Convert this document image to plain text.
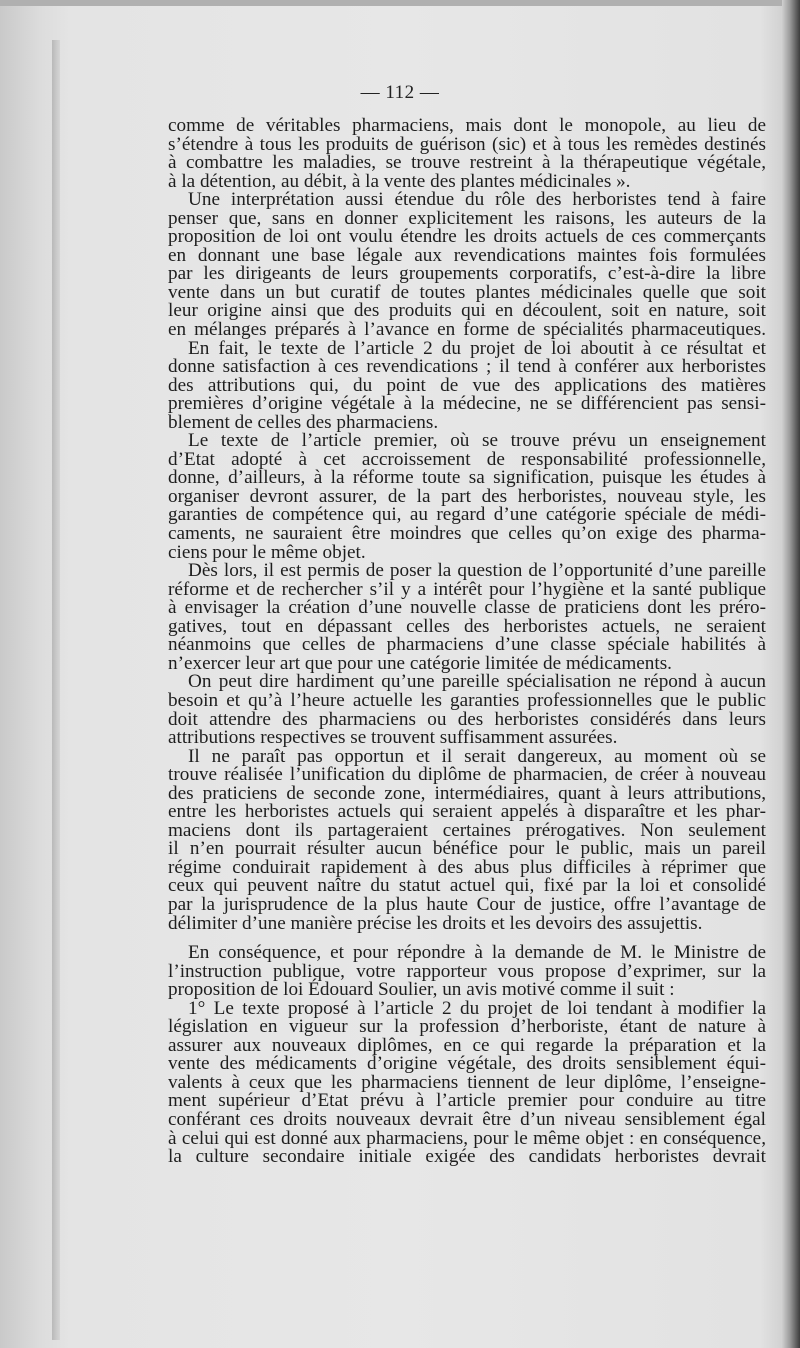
— 112 —
comme de véritables pharmaciens, mais dont le monopole, au lieu de
s’étendre à tous les produits de guérison (sic) et à tous les remèdes destinés
à combattre les maladies, se trouve restreint à la thérapeutique végétale,
à la détention, au débit, à la vente des plantes médicinales ».
Une interprétation aussi étendue du rôle des herboristes tend à faire
penser que, sans en donner explicitement les raisons, les auteurs de la
proposition de loi ont voulu étendre les droits actuels de ces commerçants
en donnant une base légale aux revendications maintes fois formulées
par les dirigeants de leurs groupements corporatifs, c’est-à-dire la libre
vente dans un but curatif de toutes plantes médicinales quelle que soit
leur origine ainsi que des produits qui en découlent, soit en nature, soit
en mélanges préparés à l’avance en forme de spécialités pharmaceutiques.
En fait, le texte de l’article 2 du projet de loi aboutit à ce résultat et
donne satisfaction à ces revendications ; il tend à conférer aux herboristes
des attributions qui, du point de vue des applications des matières
premières d’origine végétale à la médecine, ne se différencient pas sensi-
blement de celles des pharmaciens.
Le texte de l’article premier, où se trouve prévu un enseignement
d’Etat adopté à cet accroissement de responsabilité professionnelle,
donne, d’ailleurs, à la réforme toute sa signification, puisque les études à
organiser devront assurer, de la part des herboristes, nouveau style, les
garanties de compétence qui, au regard d’une catégorie spéciale de médi-
caments, ne sauraient être moindres que celles qu’on exige des pharma-
ciens pour le même objet.
Dès lors, il est permis de poser la question de l’opportunité d’une pareille
réforme et de rechercher s’il y a intérêt pour l’hygiène et la santé publique
à envisager la création d’une nouvelle classe de praticiens dont les préro-
gatives, tout en dépassant celles des herboristes actuels, ne seraient
néanmoins que celles de pharmaciens d’une classe spéciale habilités à
n’exercer leur art que pour une catégorie limitée de médicaments.
On peut dire hardiment qu’une pareille spécialisation ne répond à aucun
besoin et qu’à l’heure actuelle les garanties professionnelles que le public
doit attendre des pharmaciens ou des herboristes considérés dans leurs
attributions respectives se trouvent suffisamment assurées.
Il ne paraît pas opportun et il serait dangereux, au moment où se
trouve réalisée l’unification du diplôme de pharmacien, de créer à nouveau
des praticiens de seconde zone, intermédiaires, quant à leurs attributions,
entre les herboristes actuels qui seraient appelés à disparaître et les phar-
maciens dont ils partageraient certaines prérogatives. Non seulement
il n’en pourrait résulter aucun bénéfice pour le public, mais un pareil
régime conduirait rapidement à des abus plus difficiles à réprimer que
ceux qui peuvent naître du statut actuel qui, fixé par la loi et consolidé
par la jurisprudence de la plus haute Cour de justice, offre l’avantage de
délimiter d’une manière précise les droits et les devoirs des assujettis.
En conséquence, et pour répondre à la demande de M. le Ministre de
l’instruction publique, votre rapporteur vous propose d’exprimer, sur la
proposition de loi Édouard Soulier, un avis motivé comme il suit :
1° Le texte proposé à l’article 2 du projet de loi tendant à modifier la
législation en vigueur sur la profession d’herboriste, étant de nature à
assurer aux nouveaux diplômes, en ce qui regarde la préparation et la
vente des médicaments d’origine végétale, des droits sensiblement équi-
valents à ceux que les pharmaciens tiennent de leur diplôme, l’enseigne-
ment supérieur d’Etat prévu à l’article premier pour conduire au titre
conférant ces droits nouveaux devrait être d’un niveau sensiblement égal
à celui qui est donné aux pharmaciens, pour le même objet : en conséquence,
la culture secondaire initiale exigée des candidats herboristes devrait
